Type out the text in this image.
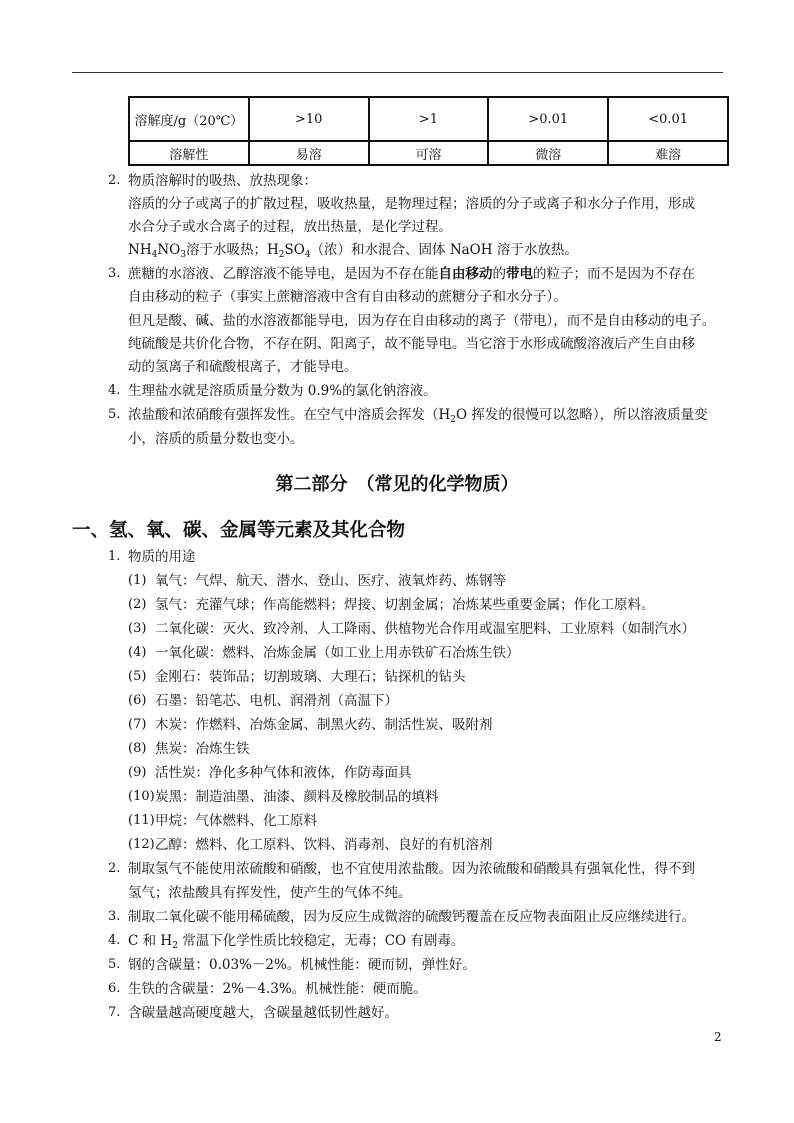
溶解度/g（20℃）	>10	>1	>0.01	<0.01
溶解性	易溶	可溶	微溶	难溶
2. 物质溶解时的吸热、放热现象：
溶质的分子或离子的扩散过程，吸收热量，是物理过程；溶质的分子或离子和水分子作用，形成
水合分子或水合离子的过程，放出热量，是化学过程。
$NH_4NO_3$溶于水吸热；$H_2SO_4$（浓）和水混合、固体 NaOH 溶于水放热。
3. 蔗糖的水溶液、乙醇溶液不能导电，是因为不存在能自由移动的带电的粒子；而不是因为不存在
自由移动的粒子（事实上蔗糖溶液中含有自由移动的蔗糖分子和水分子）。
但凡是酸、碱、盐的水溶液都能导电，因为存在自由移动的离子（带电），而不是自由移动的电子。
纯硫酸是共价化合物，不存在阴、阳离子，故不能导电。当它溶于水形成硫酸溶液后产生自由移
动的氢离子和硫酸根离子，才能导电。
4. 生理盐水就是溶质质量分数为 0.9%的氯化钠溶液。
5. 浓盐酸和浓硝酸有强挥发性。在空气中溶质会挥发（$H_2O$ 挥发的很慢可以忽略），所以溶液质量变
小，溶质的质量分数也变小。
第二部分　（常见的化学物质）
一、氢、氧、碳、金属等元素及其化合物
1. 物质的用途
(1) 氧气：气焊、航天、潜水、登山、医疗、液氧炸药、炼钢等
(2) 氢气：充灌气球；作高能燃料；焊接、切割金属；冶炼某些重要金属；作化工原料。
(3) 二氧化碳：灭火、致冷剂、人工降雨、供植物光合作用或温室肥料、工业原料（如制汽水）
(4) 一氧化碳：燃料、冶炼金属（如工业上用赤铁矿石冶炼生铁）
(5) 金刚石：装饰品；切割玻璃、大理石；钻探机的钻头
(6) 石墨：铅笔芯、电机、润滑剂（高温下）
(7) 木炭：作燃料、冶炼金属、制黑火药、制活性炭、吸附剂
(8) 焦炭：冶炼生铁
(9) 活性炭：净化多种气体和液体，作防毒面具
(10) 炭黑：制造油墨、油漆、颜料及橡胶制品的填料
(11) 甲烷：气体燃料、化工原料
(12) 乙醇：燃料、化工原料、饮料、消毒剂、良好的有机溶剂
2. 制取氢气不能使用浓硫酸和硝酸，也不宜使用浓盐酸。因为浓硫酸和硝酸具有强氧化性，得不到
氢气；浓盐酸具有挥发性，使产生的气体不纯。
3. 制取二氧化碳不能用稀硫酸，因为反应生成微溶的硫酸钙覆盖在反应物表面阻止反应继续进行。
4. C 和 $H_2$ 常温下化学性质比较稳定，无毒；CO 有剧毒。
5. 钢的含碳量：0.03%－2%。机械性能：硬而韧，弹性好。
6. 生铁的含碳量：2%－4.3%。机械性能：硬而脆。
7. 含碳量越高硬度越大，含碳量越低韧性越好。
2
